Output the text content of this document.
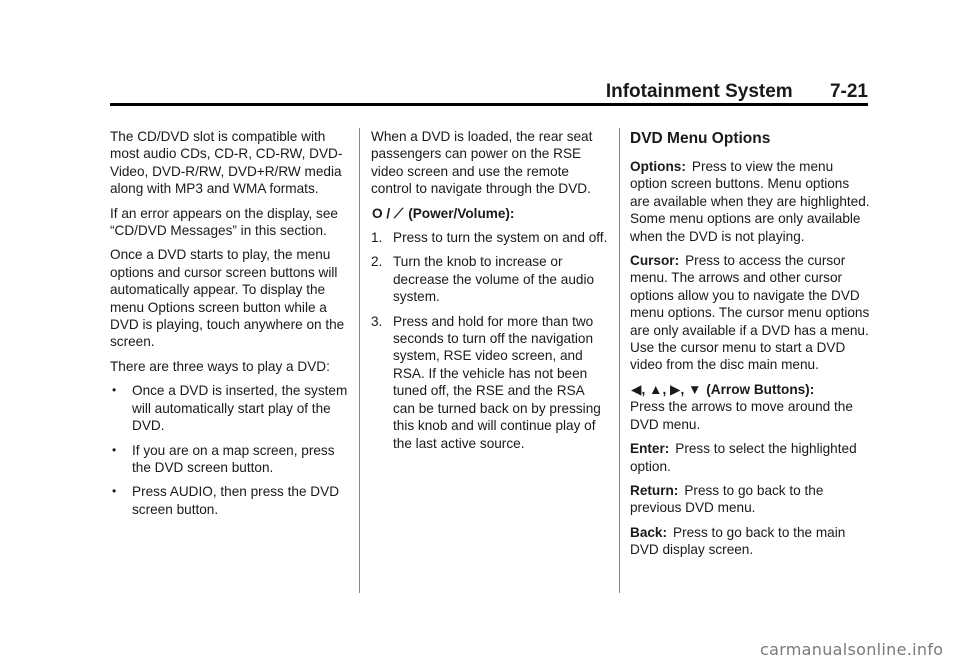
Infotainment System 7-21

The CD/DVD slot is compatible with most audio CDs, CD-R, CD-RW, DVD-Video, DVD-R/RW, DVD+R/RW media along with MP3 and WMA formats.

If an error appears on the display, see “CD/DVD Messages” in this section.

Once a DVD starts to play, the menu options and cursor screen buttons will automatically appear. To display the menu Options screen button while a DVD is playing, touch anywhere on the screen.

There are three ways to play a DVD:

• Once a DVD is inserted, the system will automatically start play of the DVD.
• If you are on a map screen, press the DVD screen button.
• Press AUDIO, then press the DVD screen button.

When a DVD is loaded, the rear seat passengers can power on the RSE video screen and use the remote control to navigate through the DVD.

O / ⟋ (Power/Volume):

1. Press to turn the system on and off.
2. Turn the knob to increase or decrease the volume of the audio system.
3. Press and hold for more than two seconds to turn off the navigation system, RSE video screen, and RSA. If the vehicle has not been tuned off, the RSE and the RSA can be turned back on by pressing this knob and will continue play of the last active source.
DVD Menu Options

Options: Press to view the menu option screen buttons. Menu options are available when they are highlighted. Some menu options are only available when the DVD is not playing.

Cursor: Press to access the cursor menu. The arrows and other cursor options allow you to navigate the DVD menu options. The cursor menu options are only available if a DVD has a menu. Use the cursor menu to start a DVD video from the disc main menu.

◀, ▲, ▶, ▼ (Arrow Buttons):
Press the arrows to move around the DVD menu.

Enter: Press to select the highlighted option.

Return: Press to go back to the previous DVD menu.

Back: Press to go back to the main DVD display screen.

carmanualsonline.info
